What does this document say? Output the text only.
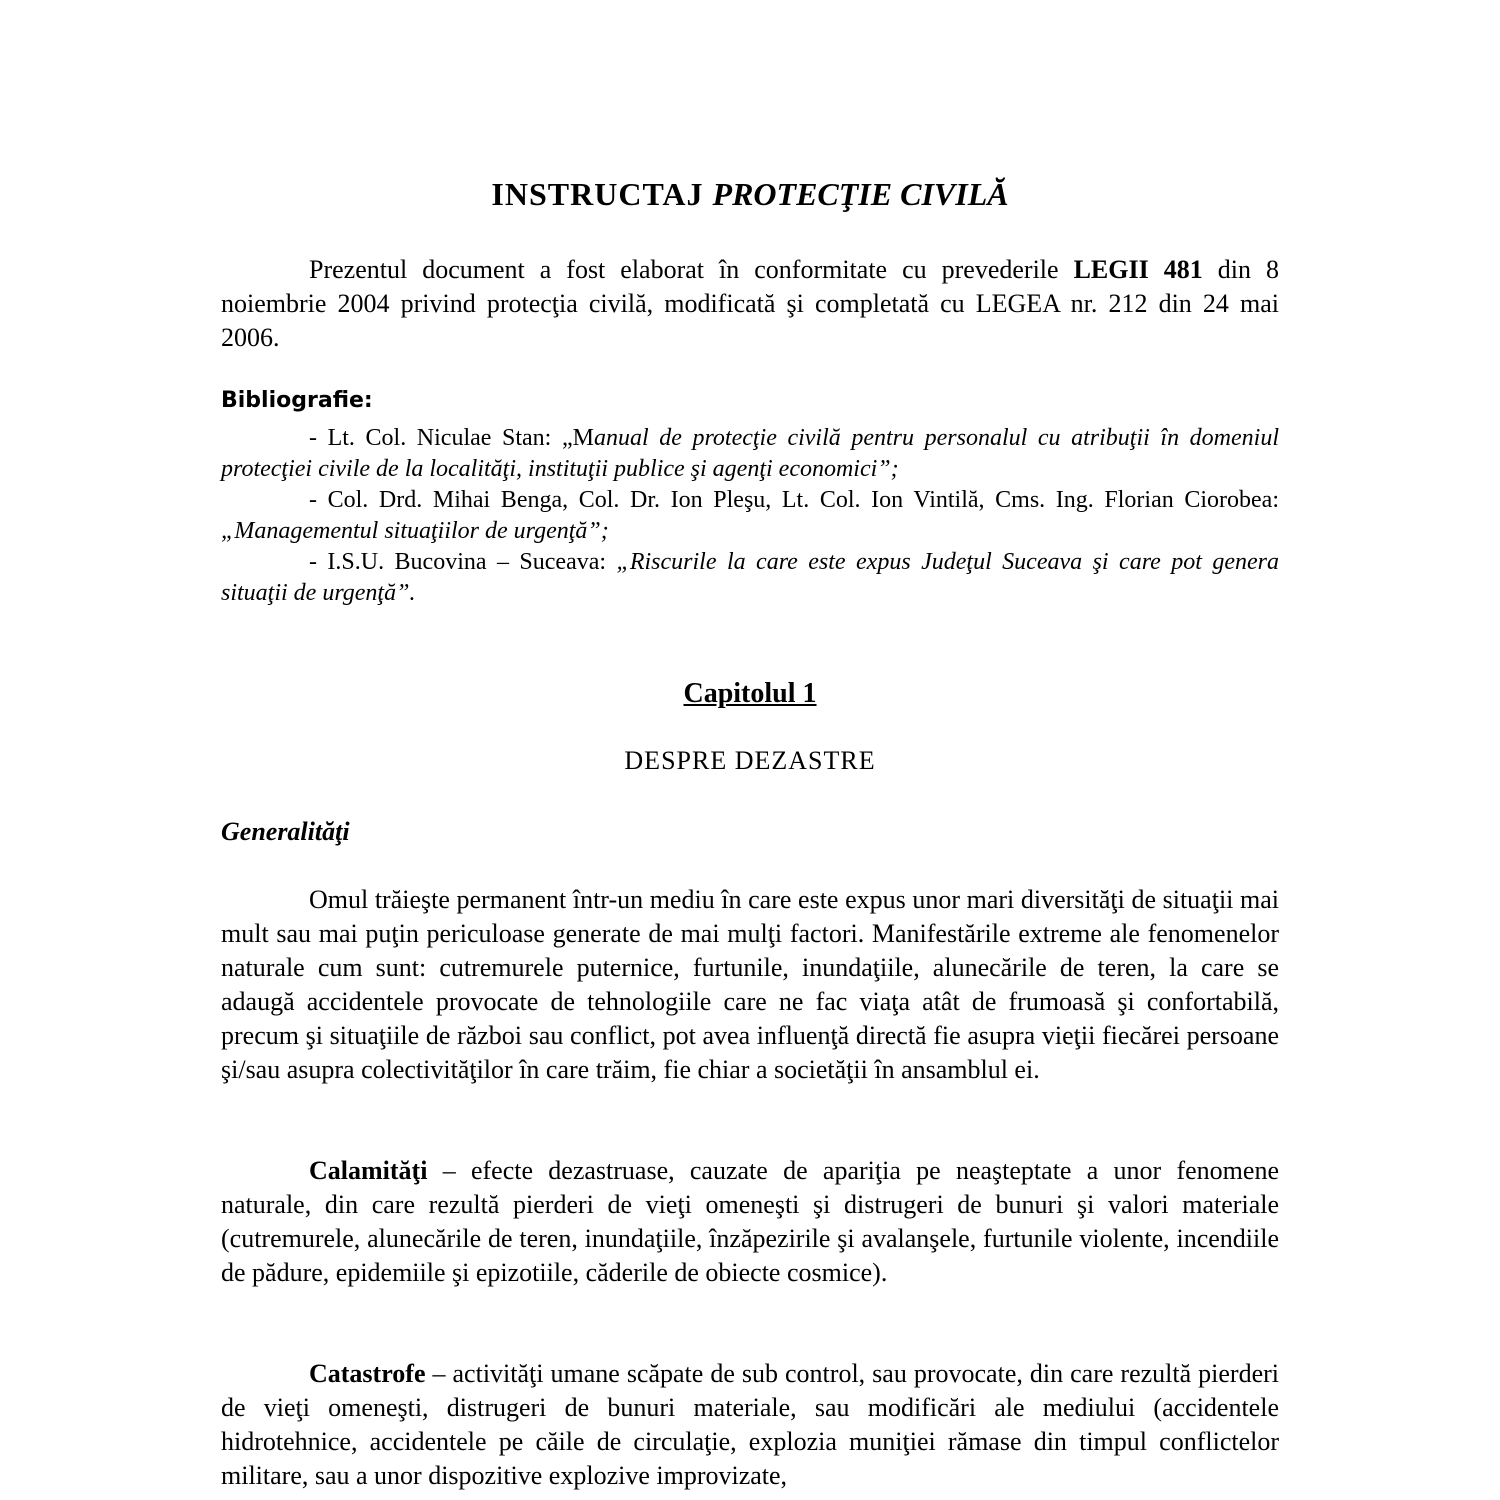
INSTRUCTAJ PROTECŢIE CIVILĂ

Prezentul document a fost elaborat în conformitate cu prevederile LEGII 481 din 8 noiembrie 2004 privind protecţia civilă, modificată şi completată cu LEGEA nr. 212 din 24 mai 2006.

Bibliografie:

- Lt. Col. Niculae Stan: „Manual de protecţie civilă pentru personalul cu atribuţii în domeniul protecţiei civile de la localităţi, instituţii publice şi agenţi economici”;

- Col. Drd. Mihai Benga, Col. Dr. Ion Pleşu, Lt. Col. Ion Vintilă, Cms. Ing. Florian Ciorobea: „Managementul situaţiilor de urgenţă”;

- I.S.U. Bucovina – Suceava: „Riscurile la care este expus Judeţul Suceava şi care pot genera situaţii de urgenţă”.

Capitolul 1
DESPRE DEZASTRE

Generalităţi

Omul trăieşte permanent într-un mediu în care este expus unor mari diversităţi de situaţii mai mult sau mai puţin periculoase generate de mai mulţi factori. Manifestările extreme ale fenomenelor naturale cum sunt: cutremurele puternice, furtunile, inundaţiile, alunecările de teren, la care se adaugă accidentele provocate de tehnologiile care ne fac viaţa atât de frumoasă şi confortabilă, precum şi situaţiile de război sau conflict, pot avea influenţă directă fie asupra vieţii fiecărei persoane şi/sau asupra colectivităţilor în care trăim, fie chiar a societăţii în ansamblul ei.

Calamităţi – efecte dezastruase, cauzate de apariţia pe neaşteptate a unor fenomene naturale, din care rezultă pierderi de vieţi omeneşti şi distrugeri de bunuri şi valori materiale (cutremurele, alunecările de teren, inundaţiile, înzăpezirile şi avalanşele, furtunile violente, incendiile de pădure, epidemiile şi epizotiile, căderile de obiecte cosmice).

Catastrofe – activităţi umane scăpate de sub control, sau provocate, din care rezultă pierderi de vieţi omeneşti, distrugeri de bunuri materiale, sau modificări ale mediului (accidentele hidrotehnice, accidentele pe căile de circulaţie, explozia muniţiei rămase din timpul conflictelor militare, sau a unor dispozitive explozive improvizate,
